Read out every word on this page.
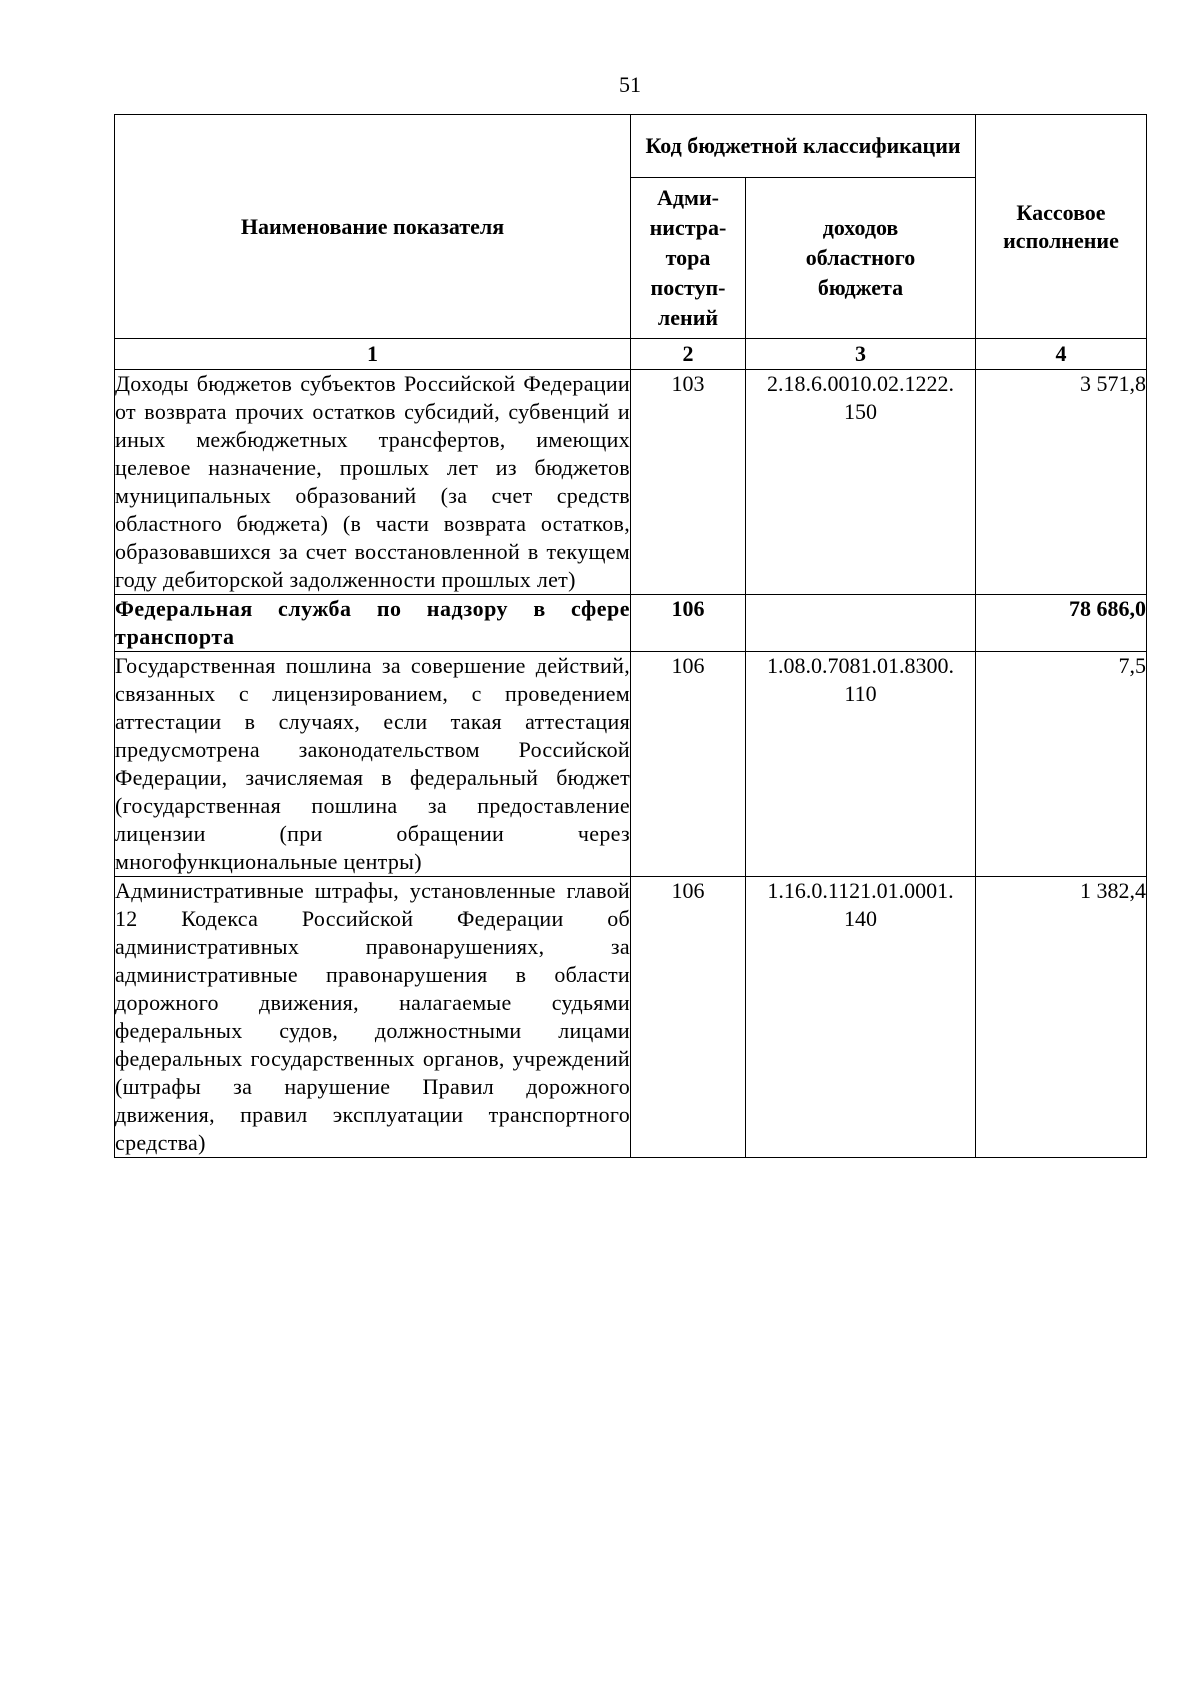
51
Наименование показателя	Код бюджетной классификации		Кассовое
исполнение
	Адми-
нистра-
тора
поступ-
лений	доходов
областного
бюджета	
1	2	3	4
Доходы бюджетов субъектов Российской Федерации от возврата прочих остатков субсидий, субвенций и иных межбюджетных трансфертов, имеющих целевое назначение, прошлых лет из бюджетов муниципальных образований (за счет средств областного бюджета) (в части возврата остатков, образовавшихся за счет восстановленной в текущем году дебиторской задолженности прошлых лет)	103	2.18.6.0010.02.1222.
150	3 571,8
Федеральная служба по надзору в сфере транспорта	106		78 686,0
Государственная пошлина за совершение действий, связанных с лицензированием, с проведением аттестации в случаях, если такая аттестация предусмотрена законодательством Российской Федерации, зачисляемая в федеральный бюджет (государственная пошлина за предоставление лицензии (при обращении через многофункциональные центры)	106	1.08.0.7081.01.8300.
110	7,5
Административные штрафы, установленные главой 12 Кодекса Российской Федерации об административных правонарушениях, за административные правонарушения в области дорожного движения, налагаемые судьями федеральных судов, должностными лицами федеральных государственных органов, учреждений (штрафы за нарушение Правил дорожного движения, правил эксплуатации транспортного средства)	106	1.16.0.1121.01.0001.
140	1 382,4
